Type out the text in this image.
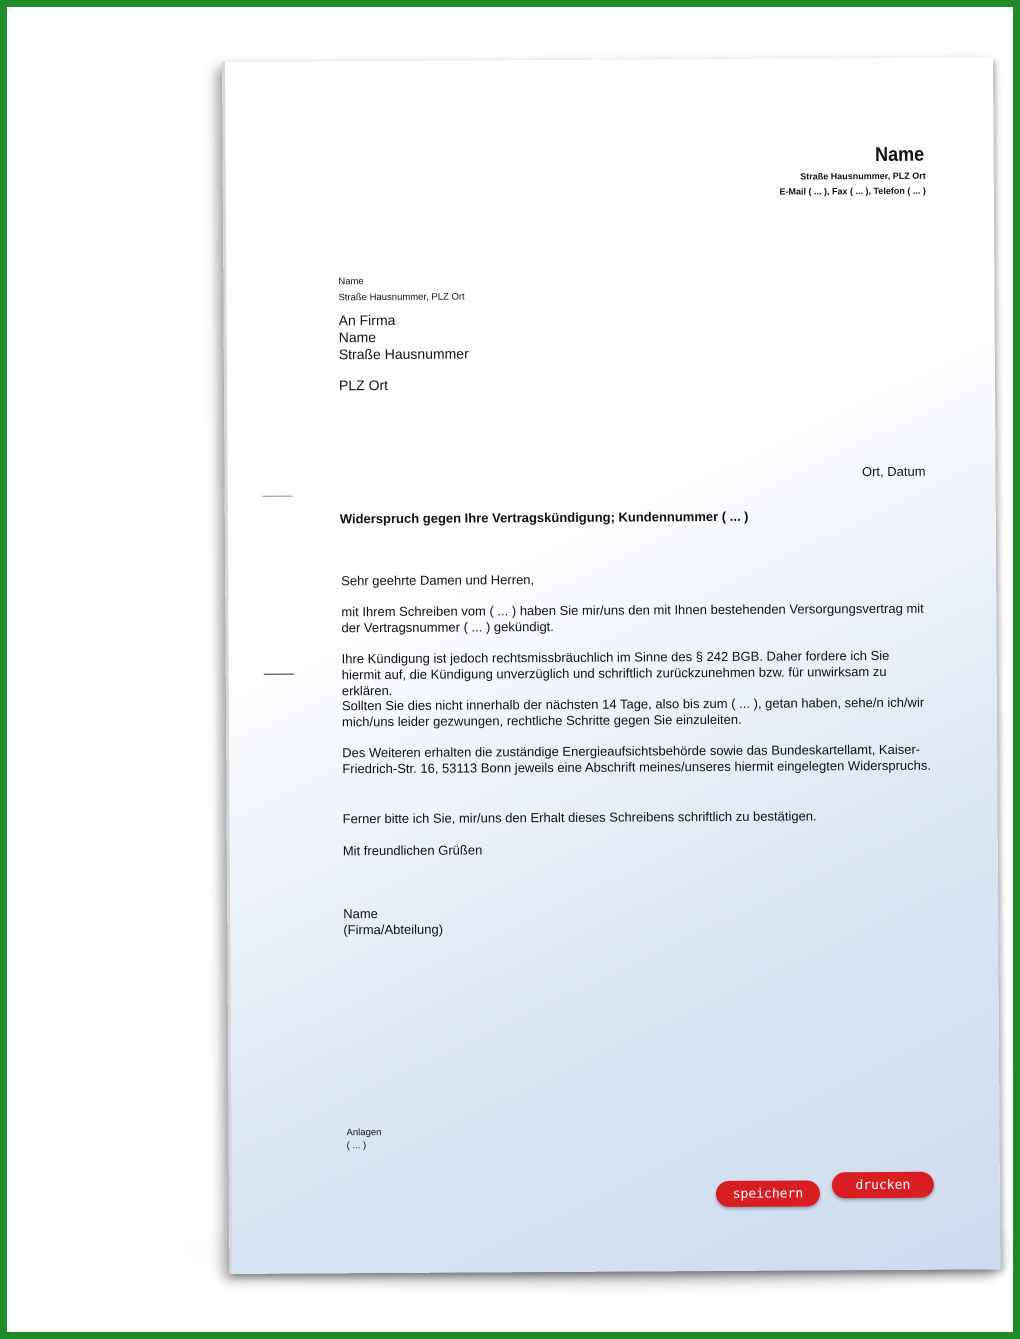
Name
Straße Hausnummer, PLZ Ort
E-Mail ( ... ), Fax ( ... ), Telefon ( ... )
Name
Straße Hausnummer, PLZ Ort
An Firma
Name
Straße Hausnummer
PLZ Ort
Ort, Datum
Widerspruch gegen Ihre Vertragskündigung; Kundennummer ( ... )
Sehr geehrte Damen und Herren,
mit Ihrem Schreiben vom ( ... ) haben Sie mir/uns den mit Ihnen bestehenden Versorgungsvertrag mit der Vertragsnummer ( ... ) gekündigt.
Ihre Kündigung ist jedoch rechtsmissbräuchlich im Sinne des § 242 BGB. Daher fordere ich Sie hiermit auf, die Kündigung unverzüglich und schriftlich zurückzunehmen bzw. für unwirksam zu erklären.
Sollten Sie dies nicht innerhalb der nächsten 14 Tage, also bis zum ( ... ), getan haben, sehe/n ich/wir mich/uns leider gezwungen, rechtliche Schritte gegen Sie einzuleiten.
Des Weiteren erhalten die zuständige Energieaufsichtsbehörde sowie das Bundeskartellamt, Kaiser-Friedrich-Str. 16, 53113 Bonn jeweils eine Abschrift meines/unseres hiermit eingelegten Widerspruchs.
Ferner bitte ich Sie, mir/uns den Erhalt dieses Schreibens schriftlich zu bestätigen.
Mit freundlichen Grüßen
Name
(Firma/Abteilung)
Anlagen
( ... )
speichern
drucken
